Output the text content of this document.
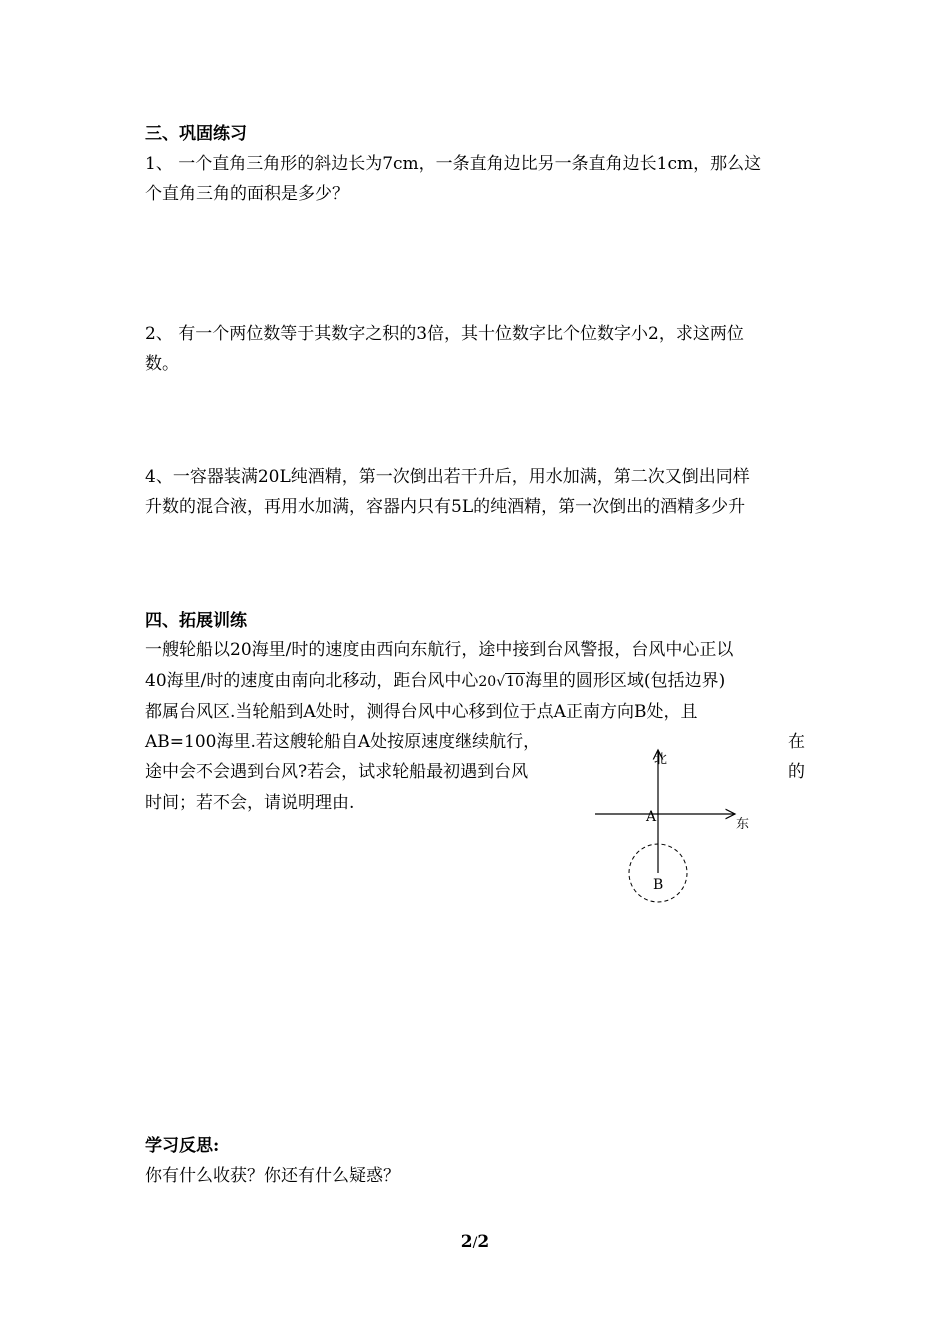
三、巩固练习
1、 一个直角三角形的斜边长为7cm，一条直角边比另一条直角边长1cm，那么这
个直角三角的面积是多少？
2、 有一个两位数等于其数字之积的3倍，其十位数字比个位数字小2，求这两位
数。
4、一容器装满20L纯酒精，第一次倒出若干升后，用水加满，第二次又倒出同样
升数的混合液，再用水加满，容器内只有5L的纯酒精，第一次倒出的酒精多少升
四、拓展训练
一艘轮船以20海里/时的速度由西向东航行，途中接到台风警报，台风中心正以
40海里/时的速度由南向北移动，距台风中心20√10海里的圆形区域(包括边界)
都属台风区.当轮船到A处时，测得台风中心移到位于点A正南方向B处，且
AB=100海里.若这艘轮船自A处按原速度继续航行，	在
途中会不会遇到台风?若会，试求轮船最初遇到台风	的
时间；若不会，请说明理由.
北
东
A
B
学习反思:
你有什么收获？你还有什么疑惑？
2/2
